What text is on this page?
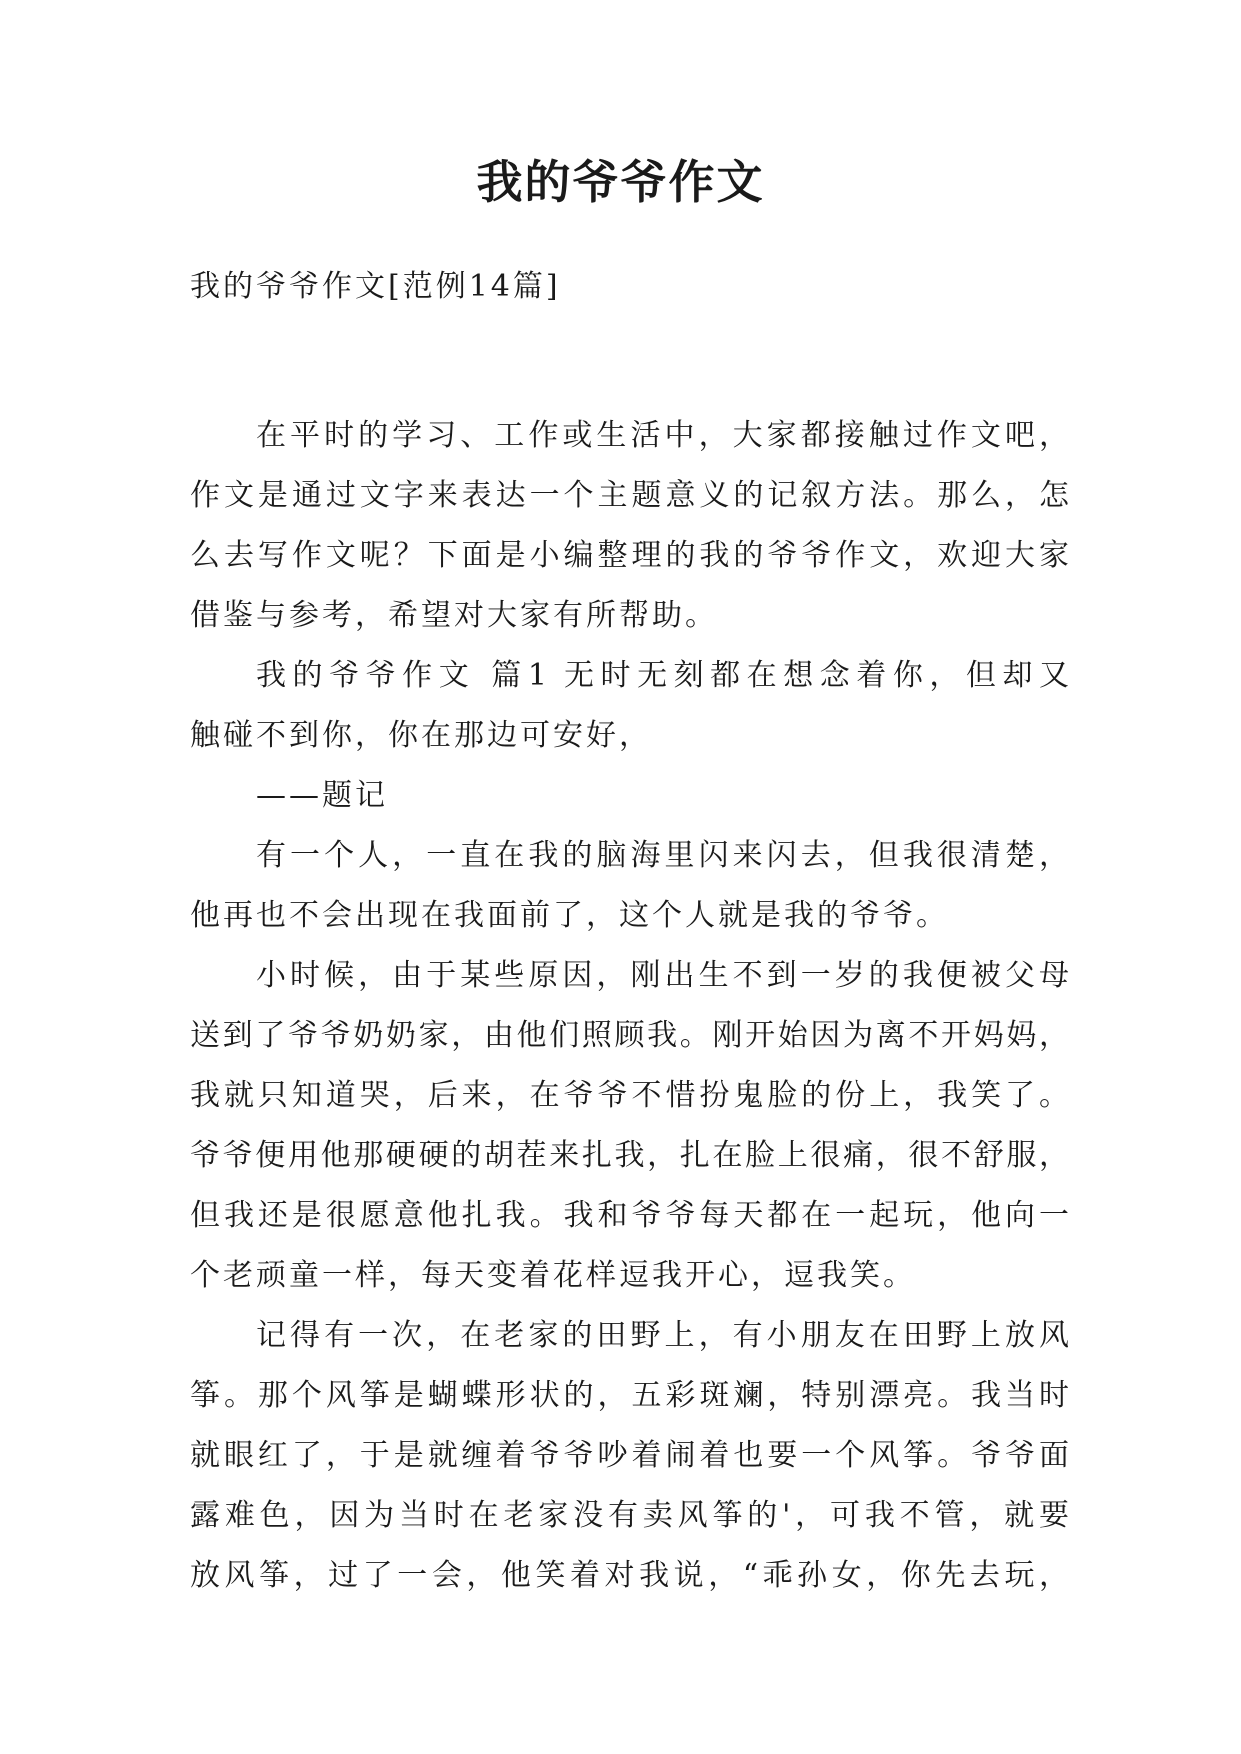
我的爷爷作文

我的爷爷作文[范例14篇]

在平时的学习、工作或生活中，大家都接触过作文吧，
作文是通过文字来表达一个主题意义的记叙方法。那么，怎
么去写作文呢？下面是小编整理的我的爷爷作文，欢迎大家
借鉴与参考，希望对大家有所帮助。
我的爷爷作文 篇1 无时无刻都在想念着你，但却又
触碰不到你，你在那边可安好，
——题记
有一个人，一直在我的脑海里闪来闪去，但我很清楚，
他再也不会出现在我面前了，这个人就是我的爷爷。
小时候，由于某些原因，刚出生不到一岁的我便被父母
送到了爷爷奶奶家，由他们照顾我。刚开始因为离不开妈妈，
我就只知道哭，后来，在爷爷不惜扮鬼脸的份上，我笑了。
爷爷便用他那硬硬的胡茬来扎我，扎在脸上很痛，很不舒服，
但我还是很愿意他扎我。我和爷爷每天都在一起玩，他向一
个老顽童一样，每天变着花样逗我开心，逗我笑。
记得有一次，在老家的田野上，有小朋友在田野上放风
筝。那个风筝是蝴蝶形状的，五彩斑斓，特别漂亮。我当时
就眼红了，于是就缠着爷爷吵着闹着也要一个风筝。爷爷面
露难色，因为当时在老家没有卖风筝的'，可我不管，就要
放风筝，过了一会，他笑着对我说，“乖孙女，你先去玩，
